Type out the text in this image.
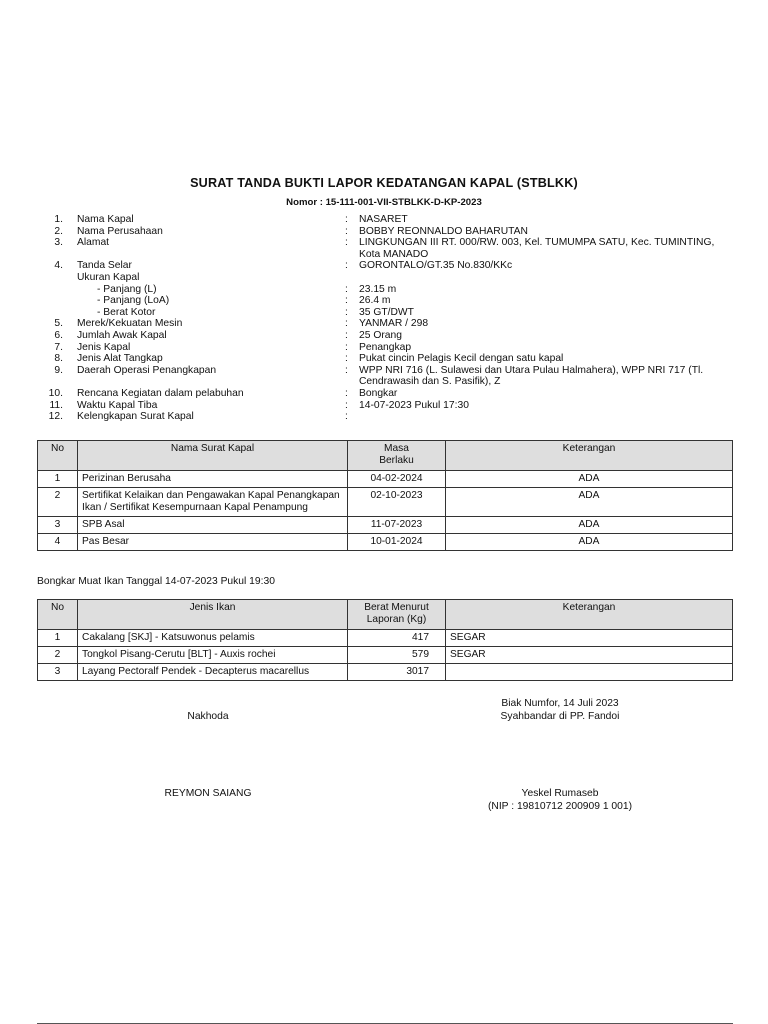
SURAT TANDA BUKTI LAPOR KEDATANGAN KAPAL (STBLKK)
Nomor : 15-111-001-VII-STBLKK-D-KP-2023
1. Nama Kapal	: NASARET
2. Nama Perusahaan	: BOBBY REONNALDO BAHARUTAN
3. Alamat	: LINGKUNGAN III RT. 000/RW. 003, Kel. TUMUMPA SATU, Kec. TUMINTING, Kota MANADO
4. Tanda Selar	: GORONTALO/GT.35 No.830/KKc
Ukuran Kapal
- Panjang (L)	: 23.15 m
- Panjang (LoA)	: 26.4 m
- Berat Kotor	: 35 GT/DWT
5. Merek/Kekuatan Mesin	: YANMAR / 298
6. Jumlah Awak Kapal	: 25 Orang
7. Jenis Kapal	: Penangkap
8. Jenis Alat Tangkap	: Pukat cincin Pelagis Kecil dengan satu kapal
9. Daerah Operasi Penangkapan	: WPP NRI 716 (L. Sulawesi dan Utara Pulau Halmahera), WPP NRI 717 (Tl. Cendrawasih dan S. Pasifik), Z
10. Rencana Kegiatan dalam pelabuhan	: Bongkar
11. Waktu Kapal Tiba	: 14-07-2023 Pukul 17:30
12. Kelengkapan Surat Kapal	:
No	Nama Surat Kapal	Masa Berlaku	Keterangan
1	Perizinan Berusaha	04-02-2024	ADA
2	Sertifikat Kelaikan dan Pengawakan Kapal Penangkapan Ikan / Sertifikat Kesempurnaan Kapal Penampung	02-10-2023	ADA
3	SPB Asal	11-07-2023	ADA
4	Pas Besar	10-01-2024	ADA
Bongkar Muat Ikan Tanggal 14-07-2023 Pukul 19:30
No	Jenis Ikan	Berat Menurut Laporan (Kg)	Keterangan
1	Cakalang [SKJ] - Katsuwonus pelamis	417	SEGAR
2	Tongkol Pisang-Cerutu [BLT] - Auxis rochei	579	SEGAR
3	Layang Pectoralf Pendek - Decapterus macarellus	3017	
Biak Numfor, 14 Juli 2023
Nakhoda	Syahbandar di PP. Fandoi
REYMON SAIANG	Yeskel Rumaseb
(NIP : 19810712 200909 1 001)
